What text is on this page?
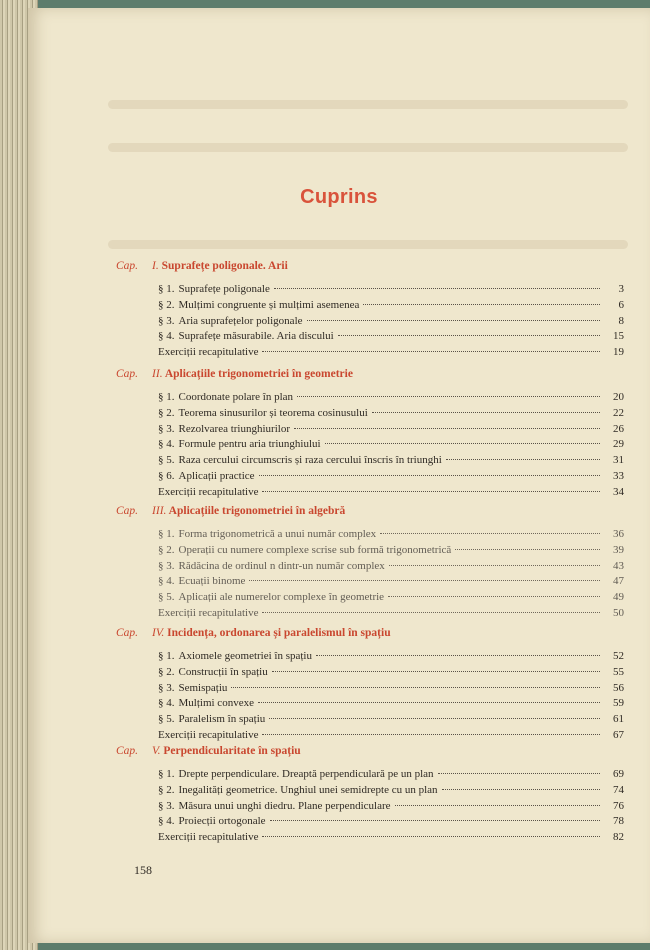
Cuprins
Cap. I. Suprafețe poligonale. Arii
§ 1. Suprafețe poligonale	3
§ 2. Mulțimi congruente și mulțimi asemenea	6
§ 3. Aria suprafețelor poligonale	8
§ 4. Suprafețe măsurabile. Aria discului	15
Exerciții recapitulative	19
Cap. II. Aplicațiile trigonometriei în geometrie
§ 1. Coordonate polare în plan	20
§ 2. Teorema sinusurilor și teorema cosinusului	22
§ 3. Rezolvarea triunghiurilor	26
§ 4. Formule pentru aria triunghiului	29
§ 5. Raza cercului circumscris și raza cercului înscris în triunghi	31
§ 6. Aplicații practice	33
Exerciții recapitulative	34
Cap. III. Aplicațiile trigonometriei în algebră
§ 1. Forma trigonometrică a unui număr complex	36
§ 2. Operații cu numere complexe scrise sub formă trigonometrică	39
§ 3. Rădăcina de ordinul n dintr-un număr complex	43
§ 4. Ecuații binome	47
§ 5. Aplicații ale numerelor complexe în geometrie	49
Exerciții recapitulative	50
Cap. IV. Incidența, ordonarea și paralelismul în spațiu
§ 1. Axiomele geometriei în spațiu	52
§ 2. Construcții în spațiu	55
§ 3. Semispațiu	56
§ 4. Mulțimi convexe	59
§ 5. Paralelism în spațiu	61
Exerciții recapitulative	67
Cap. V. Perpendicularitate în spațiu
§ 1. Drepte perpendiculare. Dreaptă perpendiculară pe un plan	69
§ 2. Inegalități geometrice. Unghiul unei semidrepte cu un plan	74
§ 3. Măsura unui unghi diedru. Plane perpendiculare	76
§ 4. Proiecții ortogonale	78
Exerciții recapitulative	82
158
